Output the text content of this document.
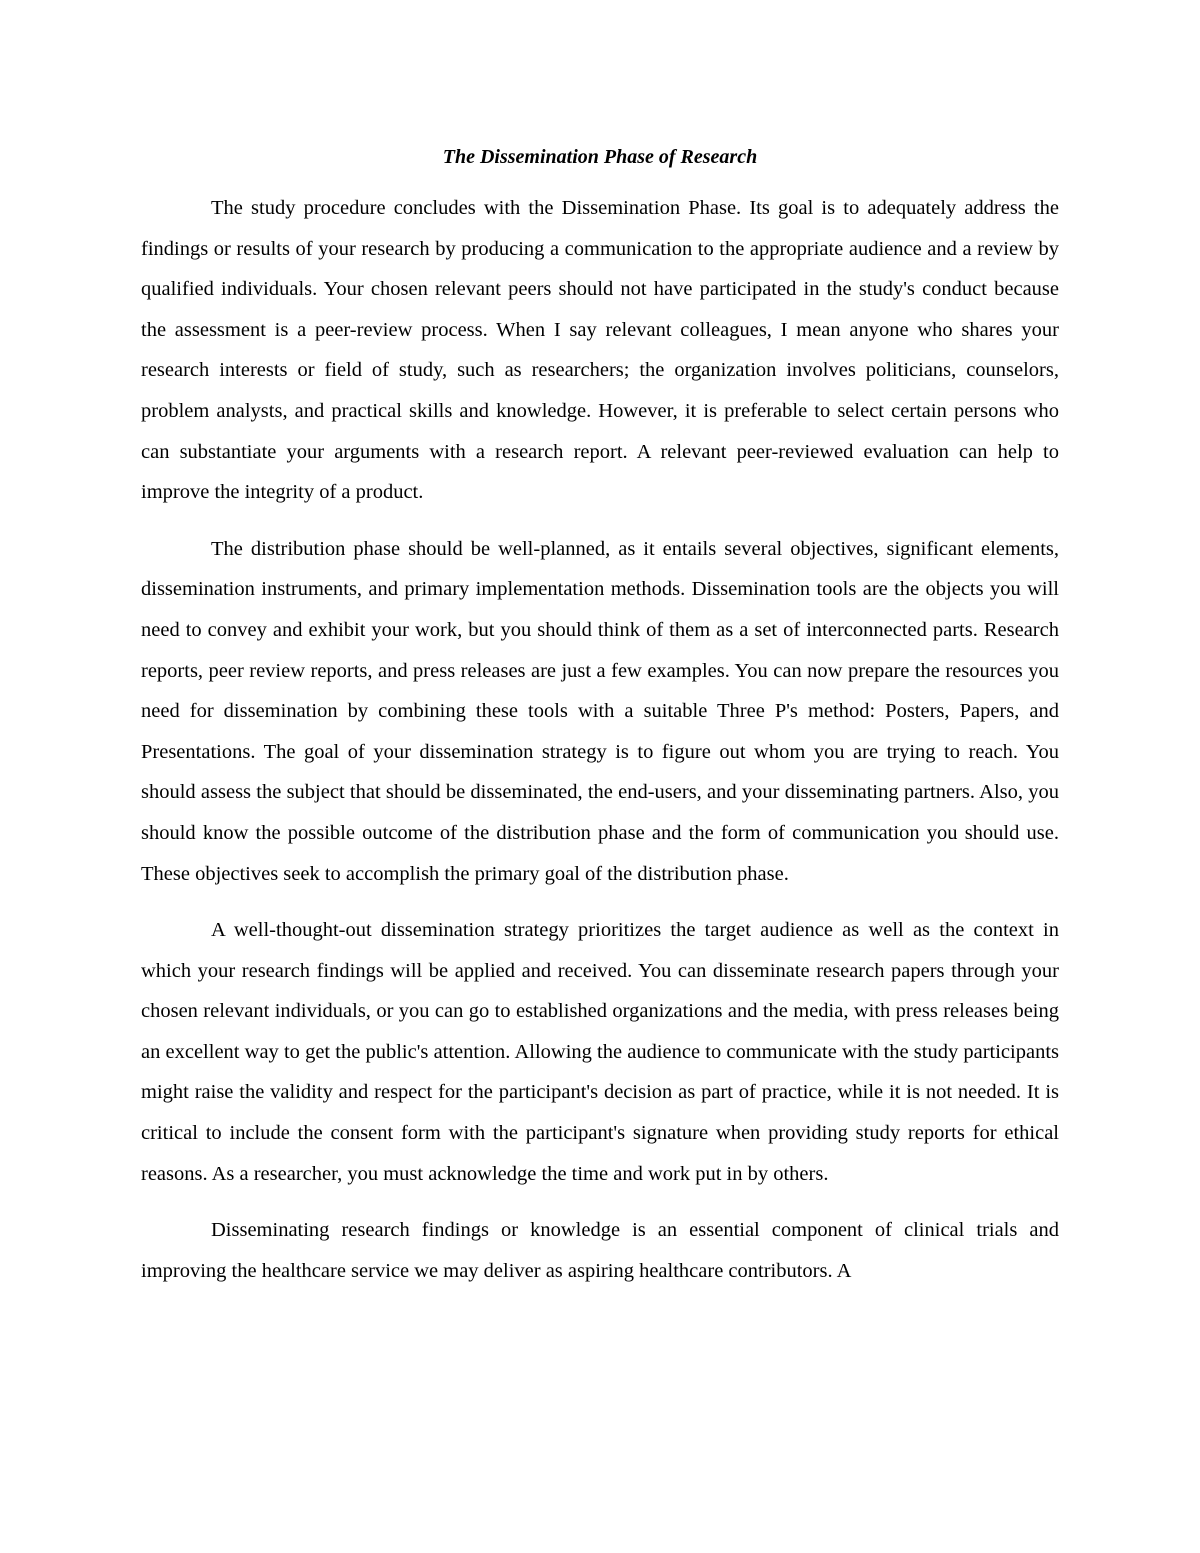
The Dissemination Phase of Research

The study procedure concludes with the Dissemination Phase. Its goal is to adequately address the findings or results of your research by producing a communication to the appropriate audience and a review by qualified individuals. Your chosen relevant peers should not have participated in the study's conduct because the assessment is a peer-review process. When I say relevant colleagues, I mean anyone who shares your research interests or field of study, such as researchers; the organization involves politicians, counselors, problem analysts, and practical skills and knowledge. However, it is preferable to select certain persons who can substantiate your arguments with a research report. A relevant peer-reviewed evaluation can help to improve the integrity of a product.

The distribution phase should be well-planned, as it entails several objectives, significant elements, dissemination instruments, and primary implementation methods. Dissemination tools are the objects you will need to convey and exhibit your work, but you should think of them as a set of interconnected parts. Research reports, peer review reports, and press releases are just a few examples. You can now prepare the resources you need for dissemination by combining these tools with a suitable Three P's method: Posters, Papers, and Presentations. The goal of your dissemination strategy is to figure out whom you are trying to reach. You should assess the subject that should be disseminated, the end-users, and your disseminating partners. Also, you should know the possible outcome of the distribution phase and the form of communication you should use. These objectives seek to accomplish the primary goal of the distribution phase.

A well-thought-out dissemination strategy prioritizes the target audience as well as the context in which your research findings will be applied and received. You can disseminate research papers through your chosen relevant individuals, or you can go to established organizations and the media, with press releases being an excellent way to get the public's attention. Allowing the audience to communicate with the study participants might raise the validity and respect for the participant's decision as part of practice, while it is not needed. It is critical to include the consent form with the participant's signature when providing study reports for ethical reasons. As a researcher, you must acknowledge the time and work put in by others.

Disseminating research findings or knowledge is an essential component of clinical trials and improving the healthcare service we may deliver as aspiring healthcare contributors. A
